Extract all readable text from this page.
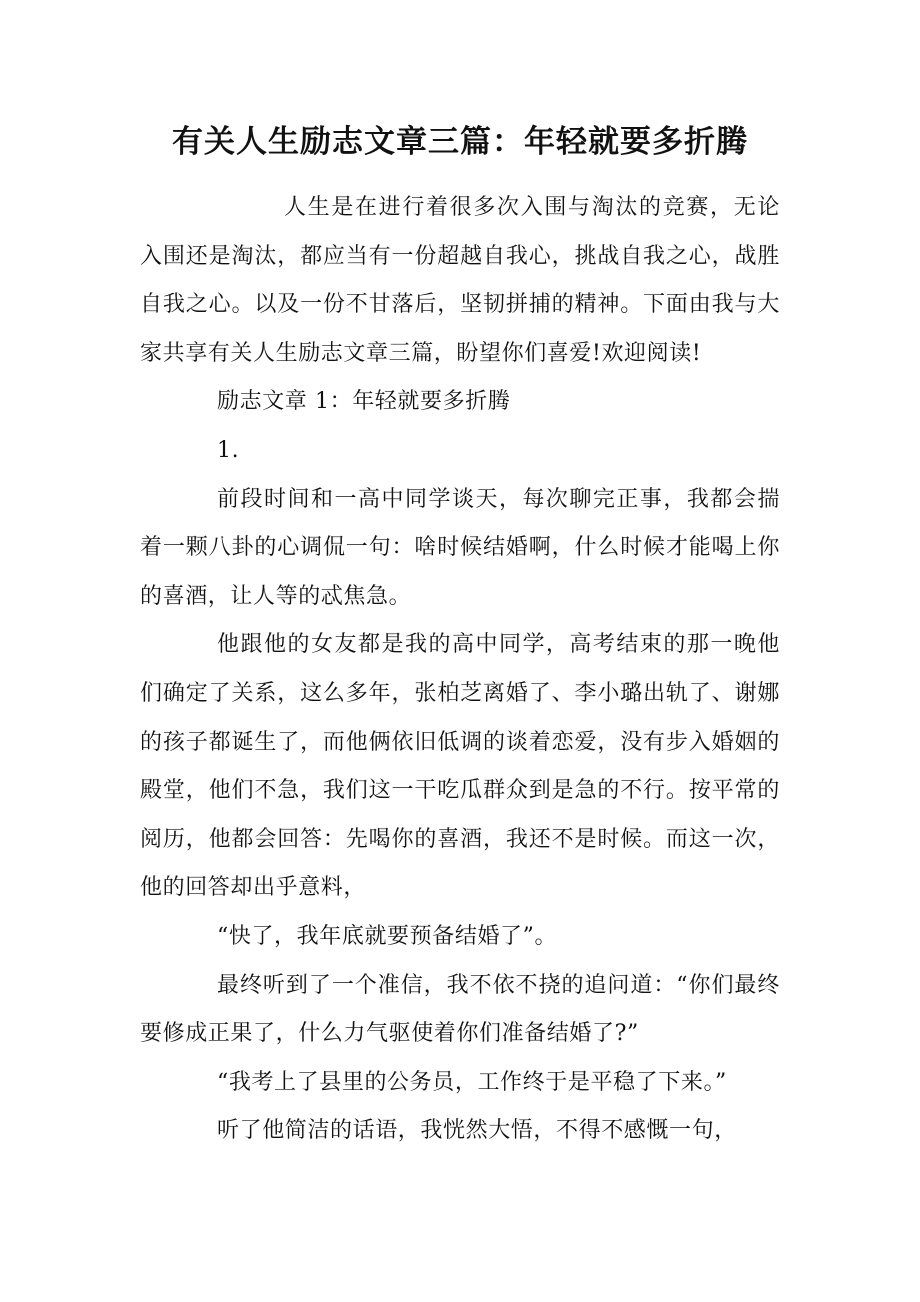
有关人生励志文章三篇：年轻就要多折腾

人生是在进行着很多次入围与淘汰的竞赛，无论入围还是淘汰，都应当有一份超越自我心，挑战自我之心，战胜自我之心。以及一份不甘落后，坚韧拼捕的精神。下面由我与大家共享有关人生励志文章三篇，盼望你们喜爱!欢迎阅读!

励志文章 1：年轻就要多折腾

1.

前段时间和一高中同学谈天，每次聊完正事，我都会揣着一颗八卦的心调侃一句：啥时候结婚啊，什么时候才能喝上你的喜酒，让人等的忒焦急。

他跟他的女友都是我的高中同学，高考结束的那一晚他们确定了关系，这么多年，张柏芝离婚了、李小璐出轨了、谢娜的孩子都诞生了，而他俩依旧低调的谈着恋爱，没有步入婚姻的殿堂，他们不急，我们这一干吃瓜群众到是急的不行。按平常的阅历，他都会回答：先喝你的喜酒，我还不是时候。而这一次，他的回答却出乎意料，

“快了，我年底就要预备结婚了”。

最终听到了一个准信，我不依不挠的追问道：“你们最终要修成正果了，什么力气驱使着你们准备结婚了?”

“我考上了县里的公务员，工作终于是平稳了下来。”

听了他简洁的话语，我恍然大悟，不得不感慨一句，
